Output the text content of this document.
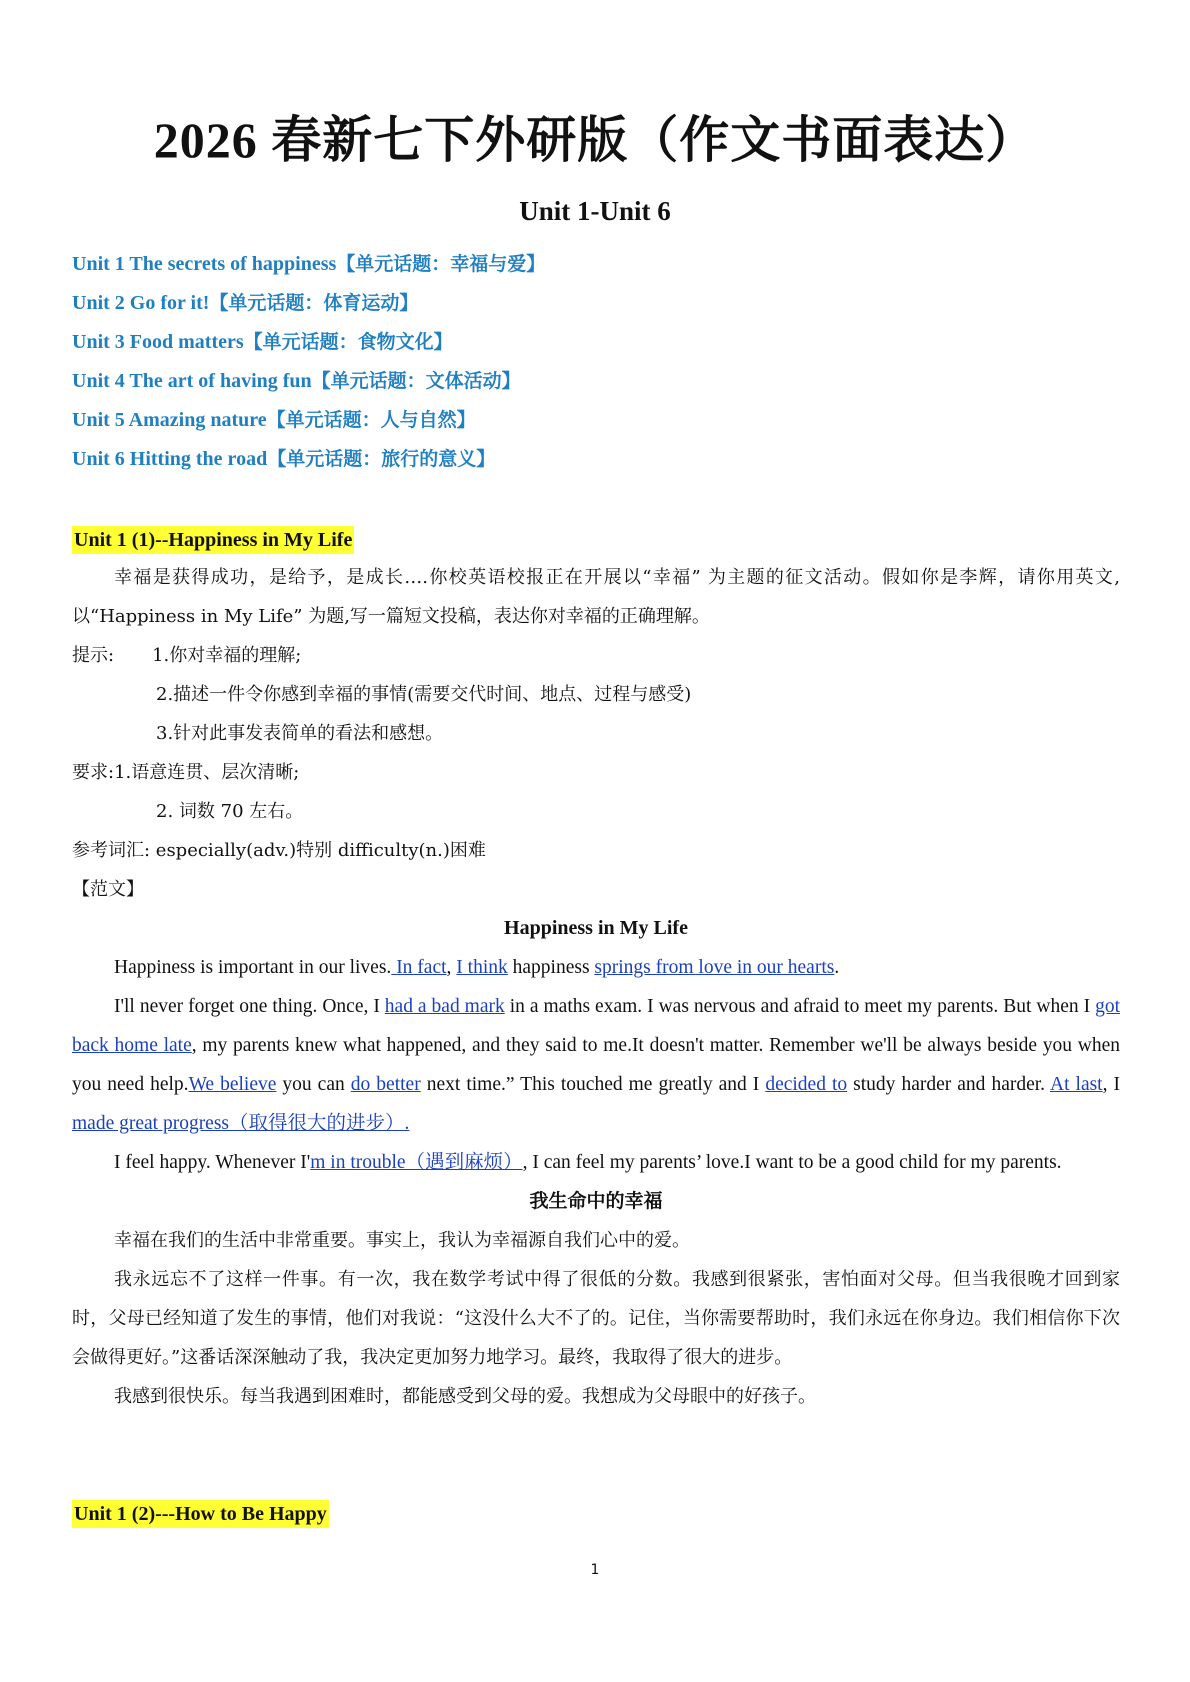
2026 春新七下外研版（作文书面表达）
Unit 1-Unit 6
Unit 1 The secrets of happiness【单元话题：幸福与爱】
Unit 2 Go for it!【单元话题：体育运动】
Unit 3 Food matters【单元话题：食物文化】
Unit 4 The art of having fun【单元话题：文体活动】
Unit 5 Amazing nature【单元话题：人与自然】
Unit 6 Hitting the road【单元话题：旅行的意义】
Unit 1 (1)--Happiness in My Life

幸福是获得成功，是给予，是成长….你校英语校报正在开展以“幸福” 为主题的征文活动。假如你是李辉，请你用英文,以“Happiness in My Life” 为题,写一篇短文投稿，表达你对幸福的正确理解。

提示: 1.你对幸福的理解;
2.描述一件令你感到幸福的事情(需要交代时间、地点、过程与感受)
3.针对此事发表简单的看法和感想。
要求:1.语意连贯、层次清晰;
2. 词数 70 左右。
参考词汇: especially(adv.)特别 difficulty(n.)困难
【范文】
Happiness in My Life

Happiness is important in our lives. In fact, I think happiness springs from love in our hearts.

I'll never forget one thing. Once, I had a bad mark in a maths exam. I was nervous and afraid to meet my parents. But when I got back home late, my parents knew what happened, and they said to me.It doesn't matter. Remember we'll be always beside you when you need help.We believe you can do better next time.” This touched me greatly and I decided to study harder and harder. At last, I made great progress（取得很大的进步）.

I feel happy. Whenever I'm in trouble（遇到麻烦）, I can feel my parents’ love.I want to be a good child for my parents.

我生命中的幸福

幸福在我们的生活中非常重要。事实上，我认为幸福源自我们心中的爱。

我永远忘不了这样一件事。有一次，我在数学考试中得了很低的分数。我感到很紧张，害怕面对父母。但当我很晚才回到家时，父母已经知道了发生的事情，他们对我说：“这没什么大不了的。记住，当你需要帮助时，我们永远在你身边。我们相信你下次会做得更好。”这番话深深触动了我，我决定更加努力地学习。最终，我取得了很大的进步。

我感到很快乐。每当我遇到困难时，都能感受到父母的爱。我想成为父母眼中的好孩子。

Unit 1 (2)---How to Be Happy
1
